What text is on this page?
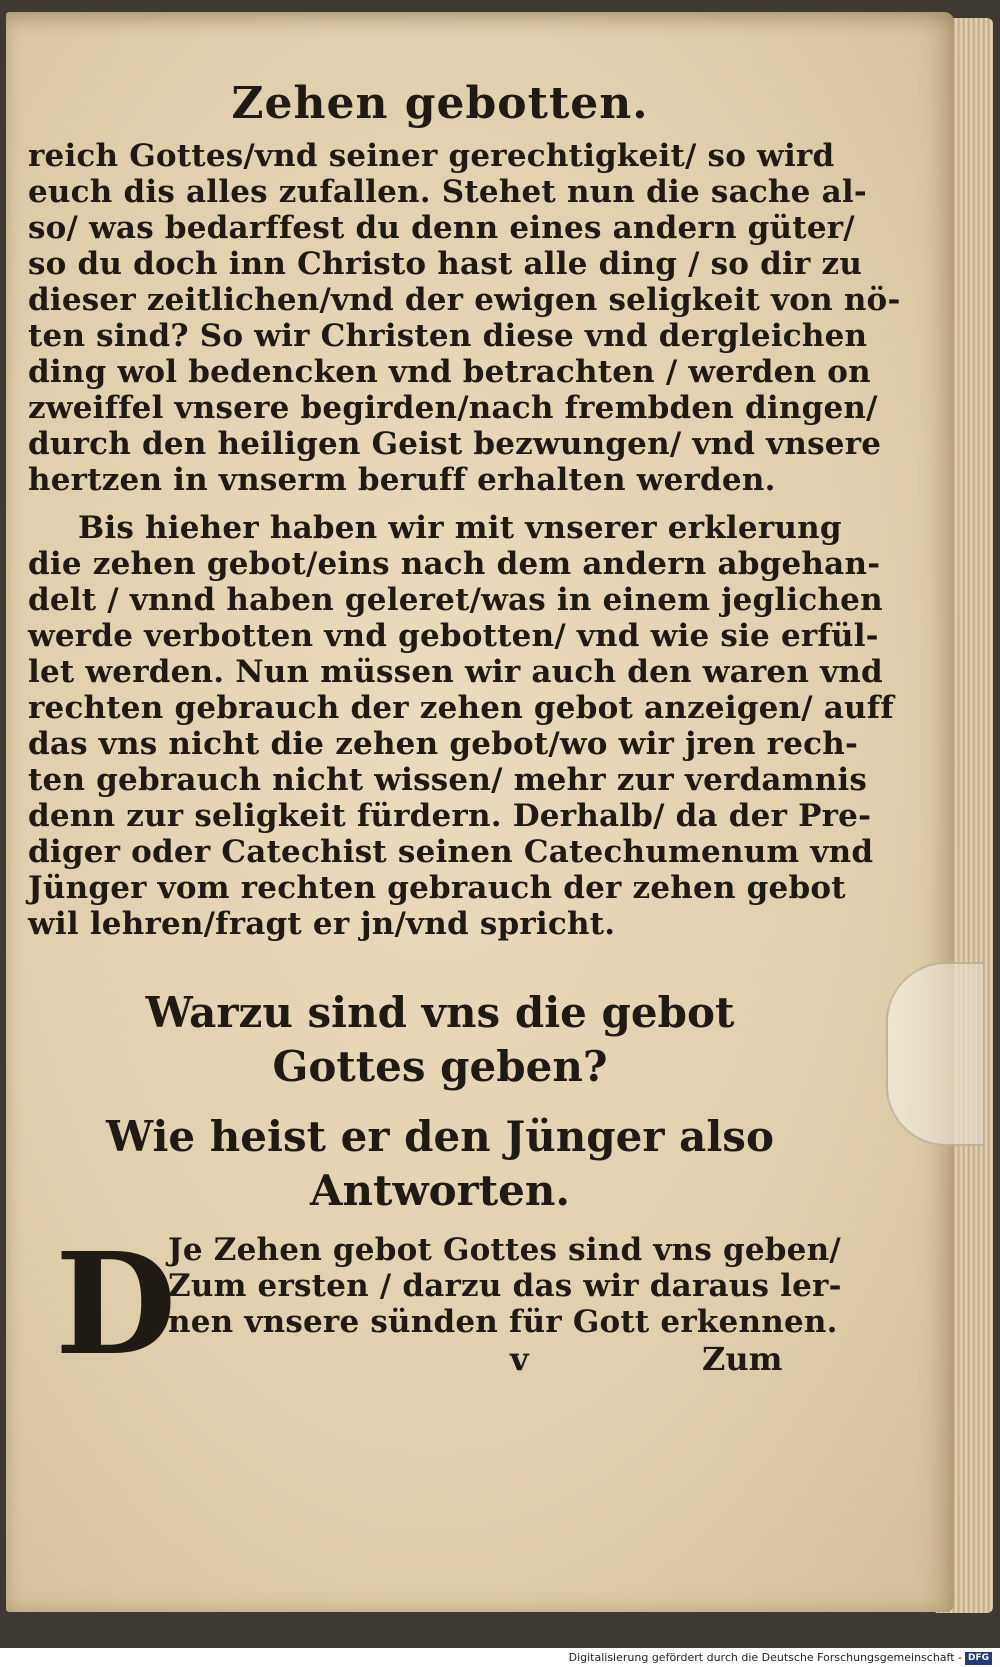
Zehen gebotten.
reich Gottes/vnd seiner gerechtigkeit/ so wird
euch dis alles zufallen. Stehet nun die sache al-
so/ was bedarffest du denn eines andern güter/
so du doch inn Christo hast alle ding / so dir zu
dieser zeitlichen/vnd der ewigen seligkeit von nö-
ten sind? So wir Christen diese vnd dergleichen
ding wol bedencken vnd betrachten / werden on
zweiffel vnsere begirden/nach frembden dingen/
durch den heiligen Geist bezwungen/ vnd vnsere
hertzen in vnserm beruff erhalten werden.
Bis hieher haben wir mit vnserer erklerung
die zehen gebot/eins nach dem andern abgehan-
delt / vnnd haben geleret/was in einem jeglichen
werde verbotten vnd gebotten/ vnd wie sie erfül-
let werden. Nun müssen wir auch den waren vnd
rechten gebrauch der zehen gebot anzeigen/ auff
das vns nicht die zehen gebot/wo wir jren rech-
ten gebrauch nicht wissen/ mehr zur verdamnis
denn zur seligkeit fürdern. Derhalb/ da der Pre-
diger oder Catechist seinen Catechumenum vnd
Jünger vom rechten gebrauch der zehen gebot
wil lehren/fragt er jn/vnd spricht.
Warzu sind vns die gebot
Gottes geben?
Wie heist er den Jünger also
Antworten.
D
Je Zehen gebot Gottes sind vns geben/
Zum ersten / darzu das wir daraus ler-
nen vnsere sünden für Gott erkennen.
v	Zum
Digitalisierung gefördert durch die Deutsche Forschungsgemeinschaft - DFG
